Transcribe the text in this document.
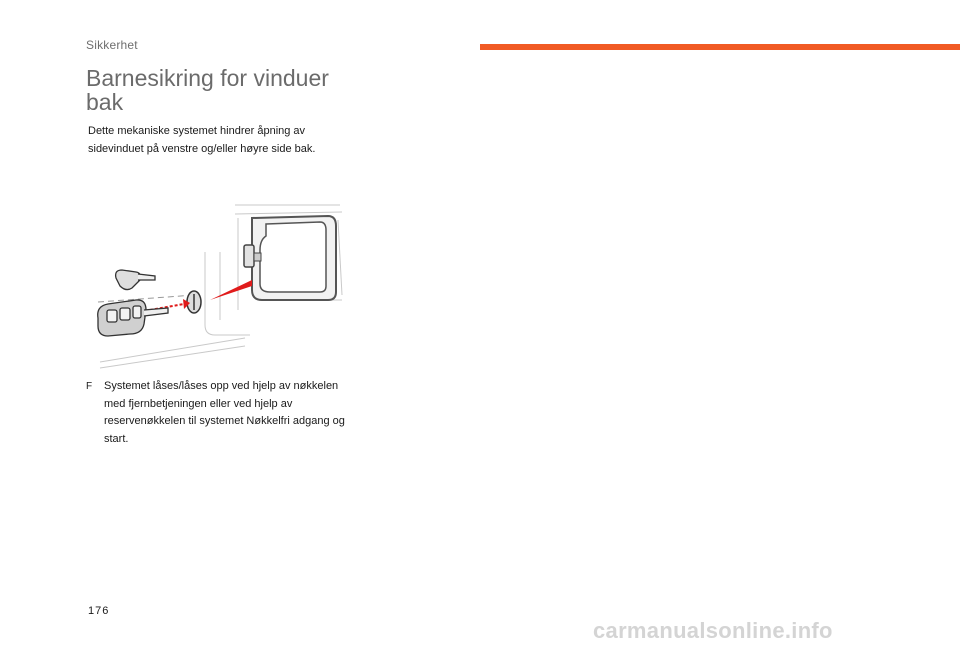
Sikkerhet
Barnesikring for vinduer bak

Dette mekaniske systemet hindrer åpning av sidevinduet på venstre og/eller høyre side bak.

F Systemet låses/låses opp ved hjelp av nøkkelen med fjernbetjeningen eller ved hjelp av reservenøkkelen til systemet Nøkkelfri adgang og start.
176
carmanualsonline.info
